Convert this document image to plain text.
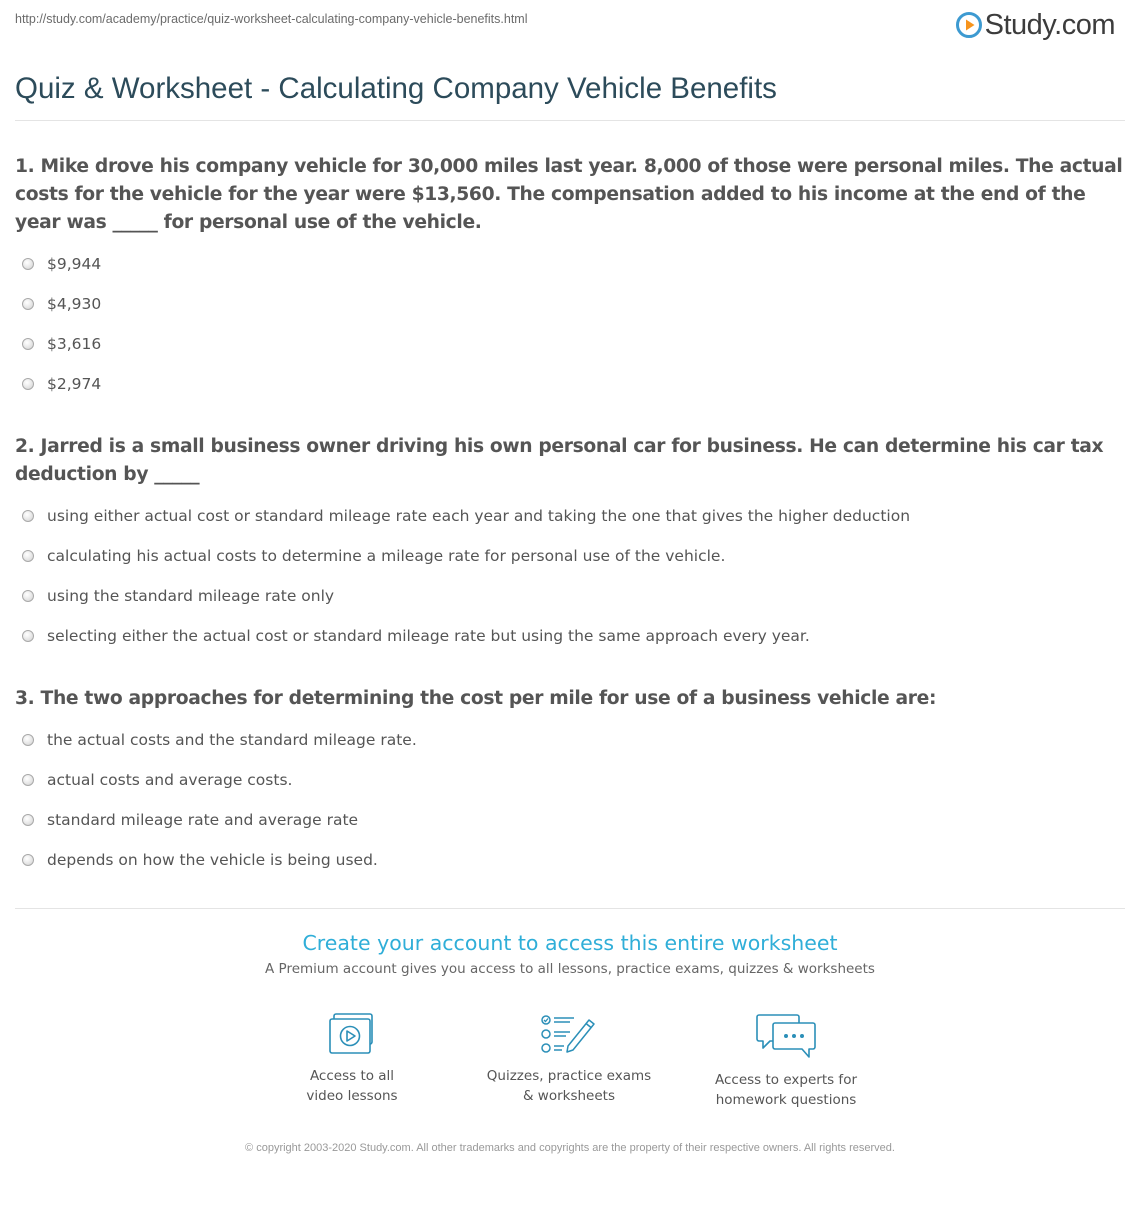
http://study.com/academy/practice/quiz-worksheet-calculating-company-vehicle-benefits.html	Study.com
Quiz & Worksheet - Calculating Company Vehicle Benefits
1. Mike drove his company vehicle for 30,000 miles last year. 8,000 of those were personal miles. The actual costs for the vehicle for the year were $13,560. The compensation added to his income at the end of the year was _____ for personal use of the vehicle.
$9,944
$4,930
$3,616
$2,974
2. Jarred is a small business owner driving his own personal car for business. He can determine his car tax deduction by _____
using either actual cost or standard mileage rate each year and taking the one that gives the higher deduction
calculating his actual costs to determine a mileage rate for personal use of the vehicle.
using the standard mileage rate only
selecting either the actual cost or standard mileage rate but using the same approach every year.
3. The two approaches for determining the cost per mile for use of a business vehicle are:
the actual costs and the standard mileage rate.
actual costs and average costs.
standard mileage rate and average rate
depends on how the vehicle is being used.
Create your account to access this entire worksheet
A Premium account gives you access to all lessons, practice exams, quizzes & worksheets
Access to all
video lessons
Quizzes, practice exams
& worksheets
Access to experts for
homework questions
© copyright 2003-2020 Study.com. All other trademarks and copyrights are the property of their respective owners. All rights reserved.
